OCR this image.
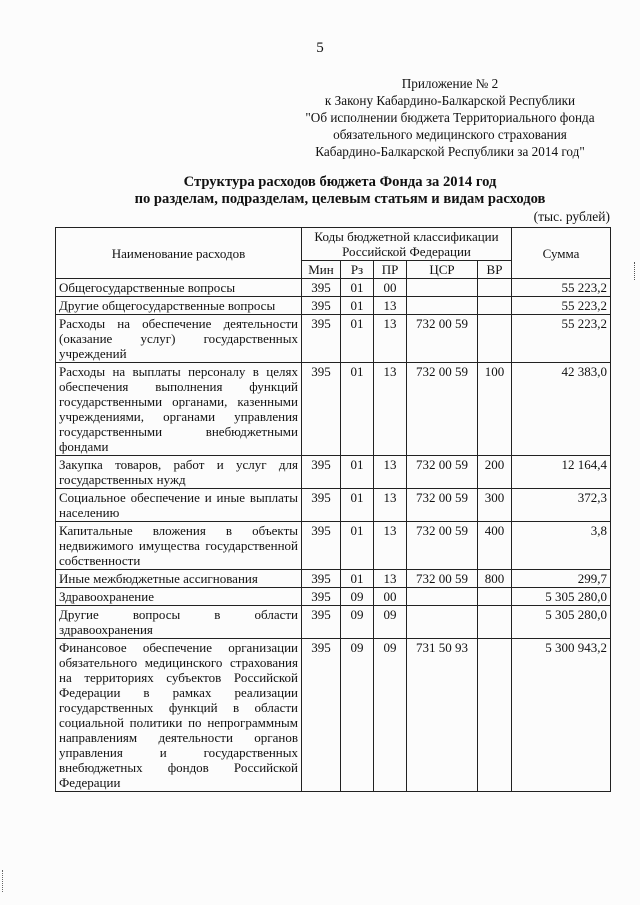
5
Приложение № 2
к Закону Кабардино-Балкарской Республики
"Об исполнении бюджета Территориального фонда
обязательного медицинского страхования
Кабардино-Балкарской Республики за 2014 год"
Структура расходов бюджета Фонда за 2014 год
по разделам, подразделам, целевым статьям и видам расходов
(тыс. рублей)
Наименование расходов	Коды бюджетной классификации Российской Федерации					Сумма
	Мин	Рз	ПР	ЦСР	ВР	
Общегосударственные вопросы	395	01	00			55 223,2
Другие общегосударственные вопросы	395	01	13			55 223,2
Расходы на обеспечение деятельности (оказание услуг) государственных учреждений	395	01	13	732 00 59		55 223,2
Расходы на выплаты персоналу в целях обеспечения выполнения функций государственными органами, казенными учреждениями, органами управления государственными внебюджетными фондами	395	01	13	732 00 59	100	42 383,0
Закупка товаров, работ и услуг для государственных нужд	395	01	13	732 00 59	200	12 164,4
Социальное обеспечение и иные выплаты населению	395	01	13	732 00 59	300	372,3
Капитальные вложения в объекты недвижимого имущества государственной собственности	395	01	13	732 00 59	400	3,8
Иные межбюджетные ассигнования	395	01	13	732 00 59	800	299,7
Здравоохранение	395	09	00			5 305 280,0
Другие вопросы в области здравоохранения	395	09	09			5 305 280,0
Финансовое обеспечение организации обязательного медицинского страхования на территориях субъектов Российской Федерации в рамках реализации государственных функций в области социальной политики по непрограммным направлениям деятельности органов управления и государственных внебюджетных фондов Российской Федерации	395	09	09	731 50 93		5 300 943,2
